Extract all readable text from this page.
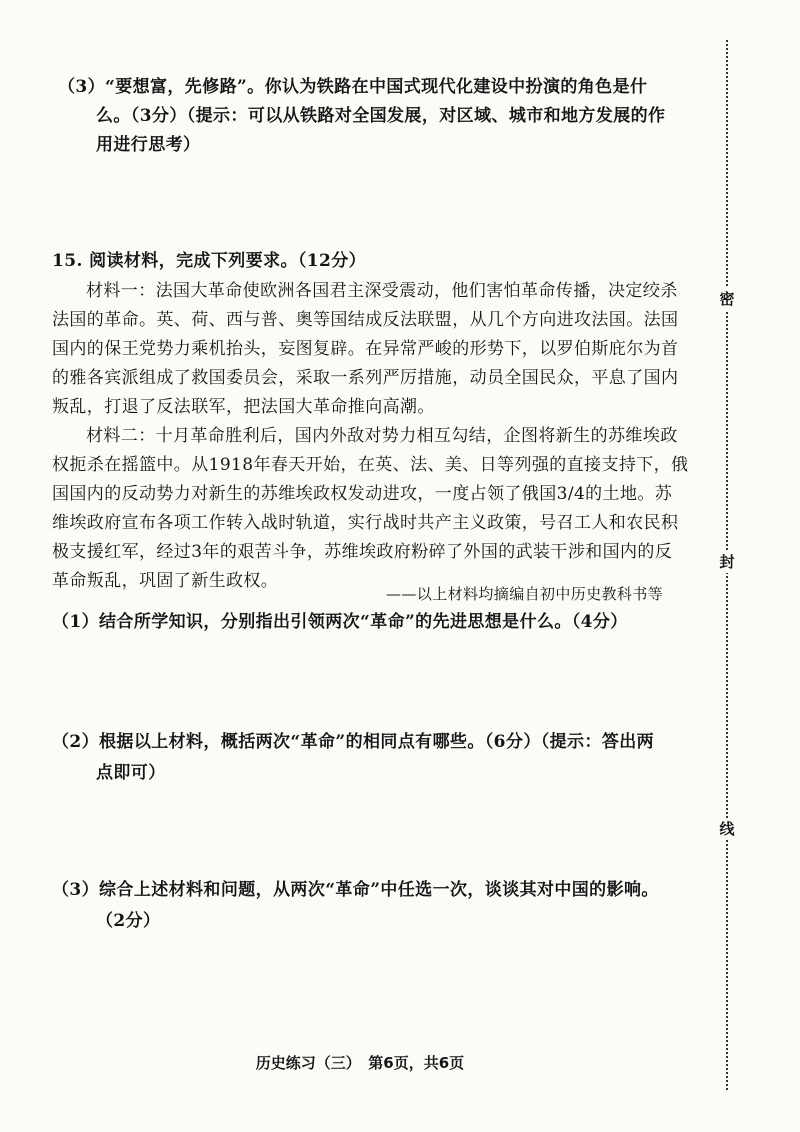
（3）“要想富，先修路”。你认为铁路在中国式现代化建设中扮演的角色是什
么。（3分）（提示：可以从铁路对全国发展，对区域、城市和地方发展的作
用进行思考）
15. 阅读材料，完成下列要求。（12分）
材料一：法国大革命使欧洲各国君主深受震动，他们害怕革命传播，决定绞杀
法国的革命。英、荷、西与普、奥等国结成反法联盟，从几个方向进攻法国。法国
国内的保王党势力乘机抬头，妄图复辟。在异常严峻的形势下，以罗伯斯庇尔为首
的雅各宾派组成了救国委员会，采取一系列严厉措施，动员全国民众，平息了国内
叛乱，打退了反法联军，把法国大革命推向高潮。
材料二：十月革命胜利后，国内外敌对势力相互勾结，企图将新生的苏维埃政
权扼杀在摇篮中。从1918年春天开始，在英、法、美、日等列强的直接支持下，俄
国国内的反动势力对新生的苏维埃政权发动进攻，一度占领了俄国3/4的土地。苏
维埃政府宣布各项工作转入战时轨道，实行战时共产主义政策，号召工人和农民积
极支援红军，经过3年的艰苦斗争，苏维埃政府粉碎了外国的武装干涉和国内的反
革命叛乱，巩固了新生政权。
——以上材料均摘编自初中历史教科书等
（1）结合所学知识，分别指出引领两次“革命”的先进思想是什么。（4分）
（2）根据以上材料，概括两次“革命”的相同点有哪些。（6分）（提示：答出两
点即可）
（3）综合上述材料和问题，从两次“革命”中任选一次，谈谈其对中国的影响。
（2分）
历史练习（三）　第6页，共6页
密
封
线
